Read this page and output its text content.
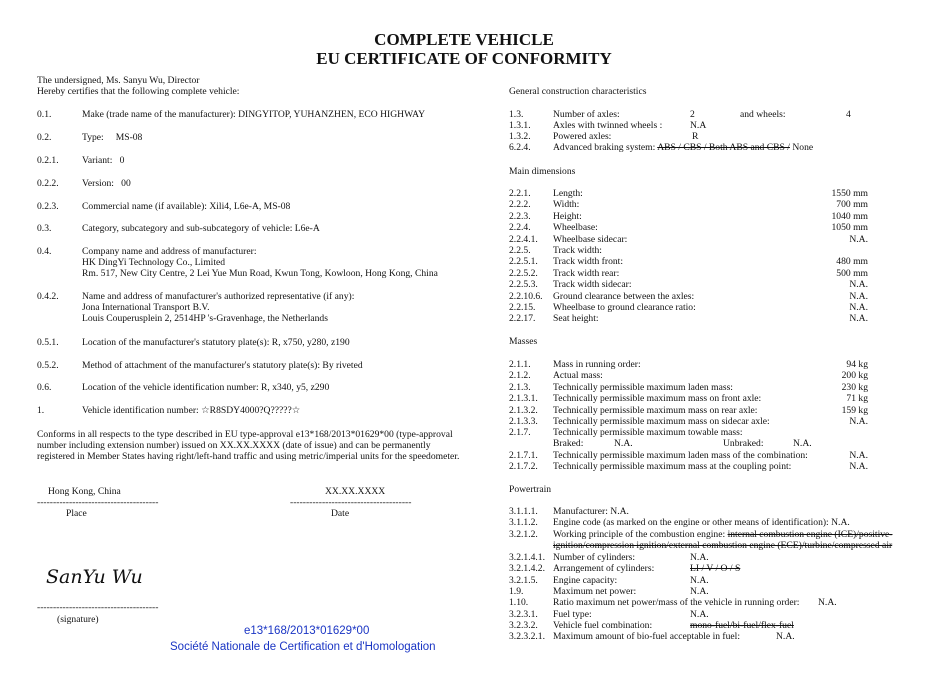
COMPLETE VEHICLE
EU CERTIFICATE OF CONFORMITY
The undersigned, Ms. Sanyu Wu, Director
Hereby certifies that the following complete vehicle:
0.1.	Make (trade name of the manufacturer): DINGYITOP, YUHANZHEN, ECO HIGHWAY
0.2.	Type:     MS-08
0.2.1. Variant:   0
0.2.2. Version:   00
0.2.3. Commercial name (if available): Xili4, L6e-A, MS-08
0.3.	Category, subcategory and sub-subcategory of vehicle: L6e-A
0.4.	Company name and address of manufacturer:
HK DingYi Technology Co., Limited
Rm. 517, New City Centre, 2 Lei Yue Mun Road, Kwun Tong, Kowloon, Hong Kong, China
0.4.2. Name and address of manufacturer's authorized representative (if any):
Jona International Transport B.V.
Louis Couperusplein 2, 2514HP 's-Gravenhage, the Netherlands
0.5.1. Location of the manufacturer's statutory plate(s): R, x750, y280, z190
0.5.2. Method of attachment of the manufacturer's statutory plate(s): By riveted
0.6.	Location of the vehicle identification number: R, x340, y5, z290
1.	Vehicle identification number: ☆R8SDY4000?Q?????☆
Conforms in all respects to the type described in EU type-approval e13*168/2013*01629*00 (type-approval
number including extension number) issued on XX.XX.XXXX (date of issue) and can be permanently
registered in Member States having right/left-hand traffic and using metric/imperial units for the speedometer.
Hong Kong, China
--------------------------------------
Place
XX.XX.XXXX
--------------------------------------
Date
SanYu Wu
--------------------------------------
(signature)
e13*168/2013*01629*00
Société Nationale de Certification et d'Homologation
General construction characteristics
1.3.	Number of axles:	2	and wheels:	4
1.3.1. Axles with twinned wheels :	N.A
1.3.2. Powered axles:	R
6.2.4. Advanced braking system: ABS / CBS / Both ABS and CBS / None
Main dimensions
2.2.1. Length:	1550 mm
2.2.2. Width:	700 mm
2.2.3. Height:	1040 mm
2.2.4. Wheelbase:	1050 mm
2.2.4.1. Wheelbase sidecar:	N.A.
2.2.5. Track width:
2.2.5.1. Track width front:	480 mm
2.2.5.2. Track width rear:	500 mm
2.2.5.3. Track width sidecar:	N.A.
2.2.10.6. Ground clearance between the axles:	N.A.
2.2.15. Wheelbase to ground clearance ratio:	N.A.
2.2.17. Seat height:	N.A.
Masses
2.1.1. Mass in running order:	94 kg
2.1.2. Actual mass:	200 kg
2.1.3. Technically permissible maximum laden mass:	230 kg
2.1.3.1. Technically permissible maximum mass on front axle:	71 kg
2.1.3.2. Technically permissible maximum mass on rear axle:	159 kg
2.1.3.3. Technically permissible maximum mass on sidecar axle:	N.A.
2.1.7. Technically permissible maximum towable mass:
Braked:	N.A.	Unbraked:	N.A.
2.1.7.1. Technically permissible maximum laden mass of the combination:	N.A.
2.1.7.2. Technically permissible maximum mass at the coupling point:	N.A.
Powertrain
3.1.1.1. Manufacturer: N.A.
3.1.1.2. Engine code (as marked on the engine or other means of identification): N.A.
3.2.1.2. Working principle of the combustion engine: internal combustion engine (ICE)/positive-
ignition/compression ignition/external combustion engine (ECE)/turbine/compressed air
3.2.1.4.1. Number of cylinders:	N.A.
3.2.1.4.2. Arrangement of cylinders:	LI / V / O / S
3.2.1.5. Engine capacity:	N.A.
1.9.	Maximum net power:	N.A.
1.10.	Ratio maximum net power/mass of the vehicle in running order: N.A.
3.2.3.1. Fuel type:	N.A.
3.2.3.2. Vehicle fuel combination:	mono-fuel/bi-fuel/flex-fuel
3.2.3.2.1. Maximum amount of bio-fuel acceptable in fuel:	N.A.
